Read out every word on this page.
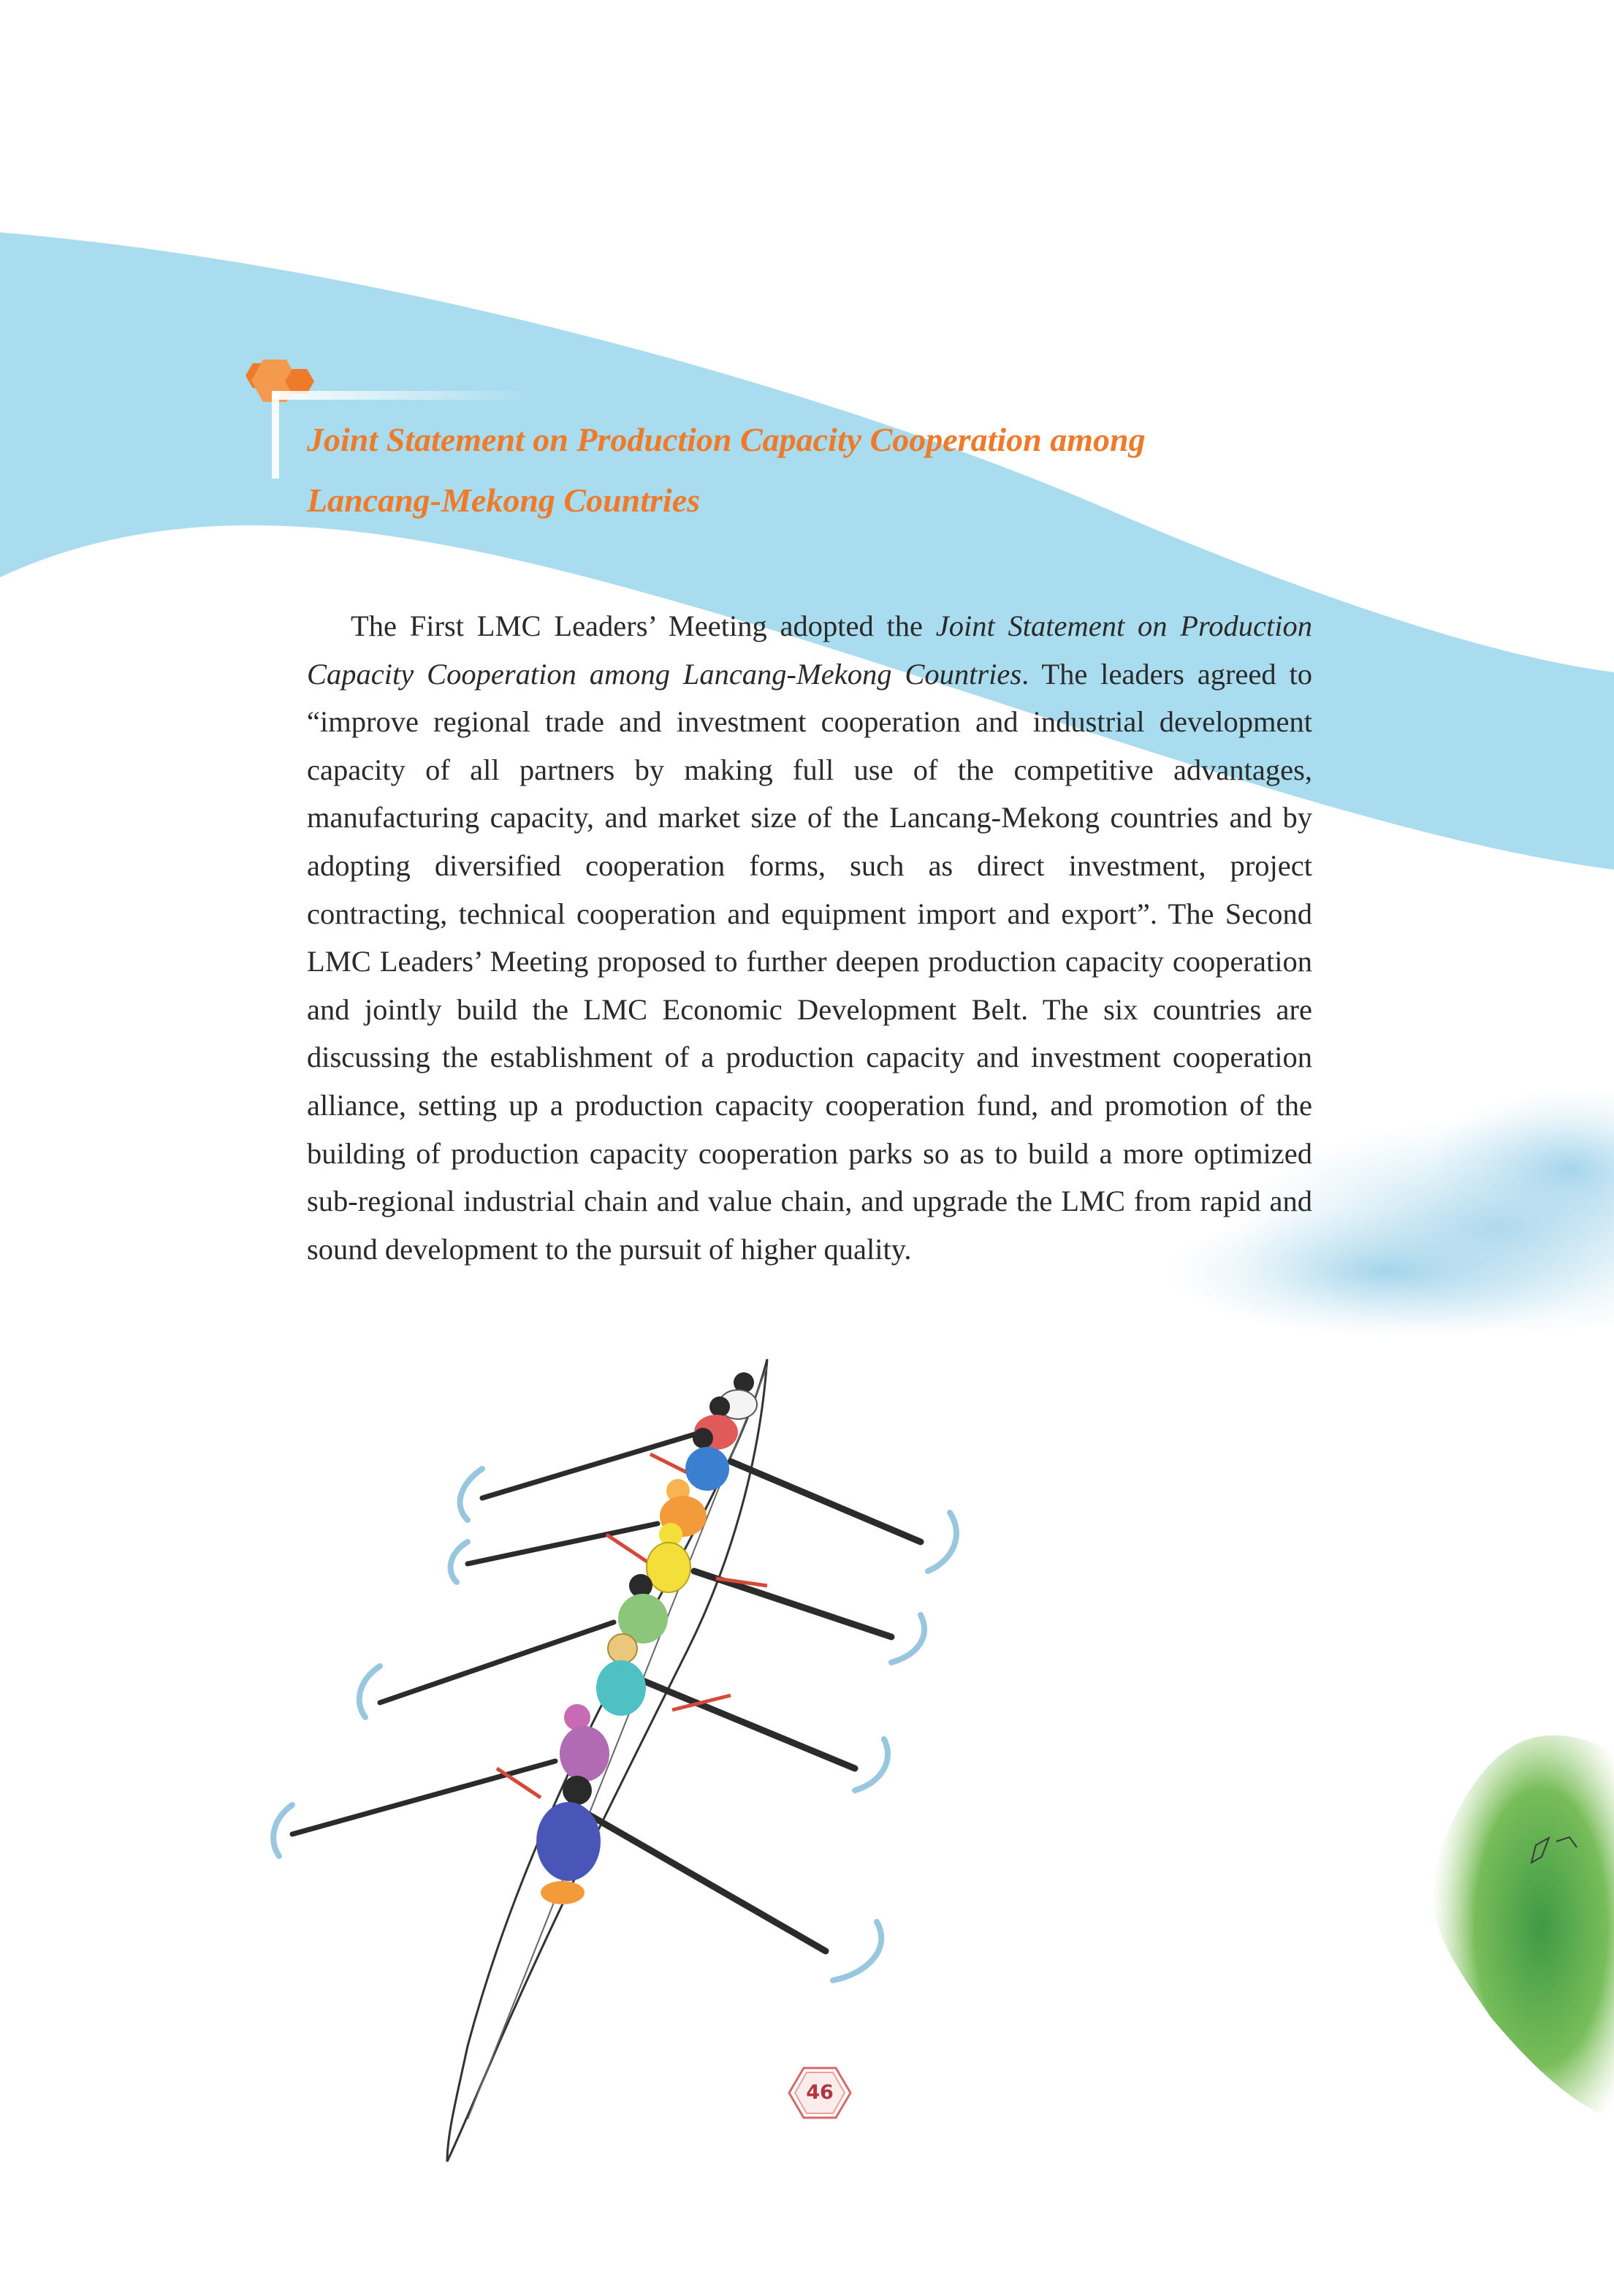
Joint Statement on Production Capacity Cooperation among
Lancang-Mekong Countries

The First LMC Leaders’ Meeting adopted the Joint Statement on Production Capacity Cooperation among Lancang-Mekong Countries. The leaders agreed to “improve regional trade and investment cooperation and industrial development capacity of all partners by making full use of the competitive advantages, manufacturing capacity, and market size of the Lancang-Mekong countries and by adopting diversified cooperation forms, such as direct investment, project contracting, technical cooperation and equipment import and export”. The Second LMC Leaders’ Meeting proposed to further deepen production capacity cooperation and jointly build the LMC Economic Development Belt. The six countries are discussing the establishment of a production capacity and investment cooperation alliance, setting up a production capacity cooperation fund, and promotion of the building of production capacity cooperation parks so as to build a more optimized sub-regional industrial chain and value chain, and upgrade the LMC from rapid and sound development to the pursuit of higher quality.

46
